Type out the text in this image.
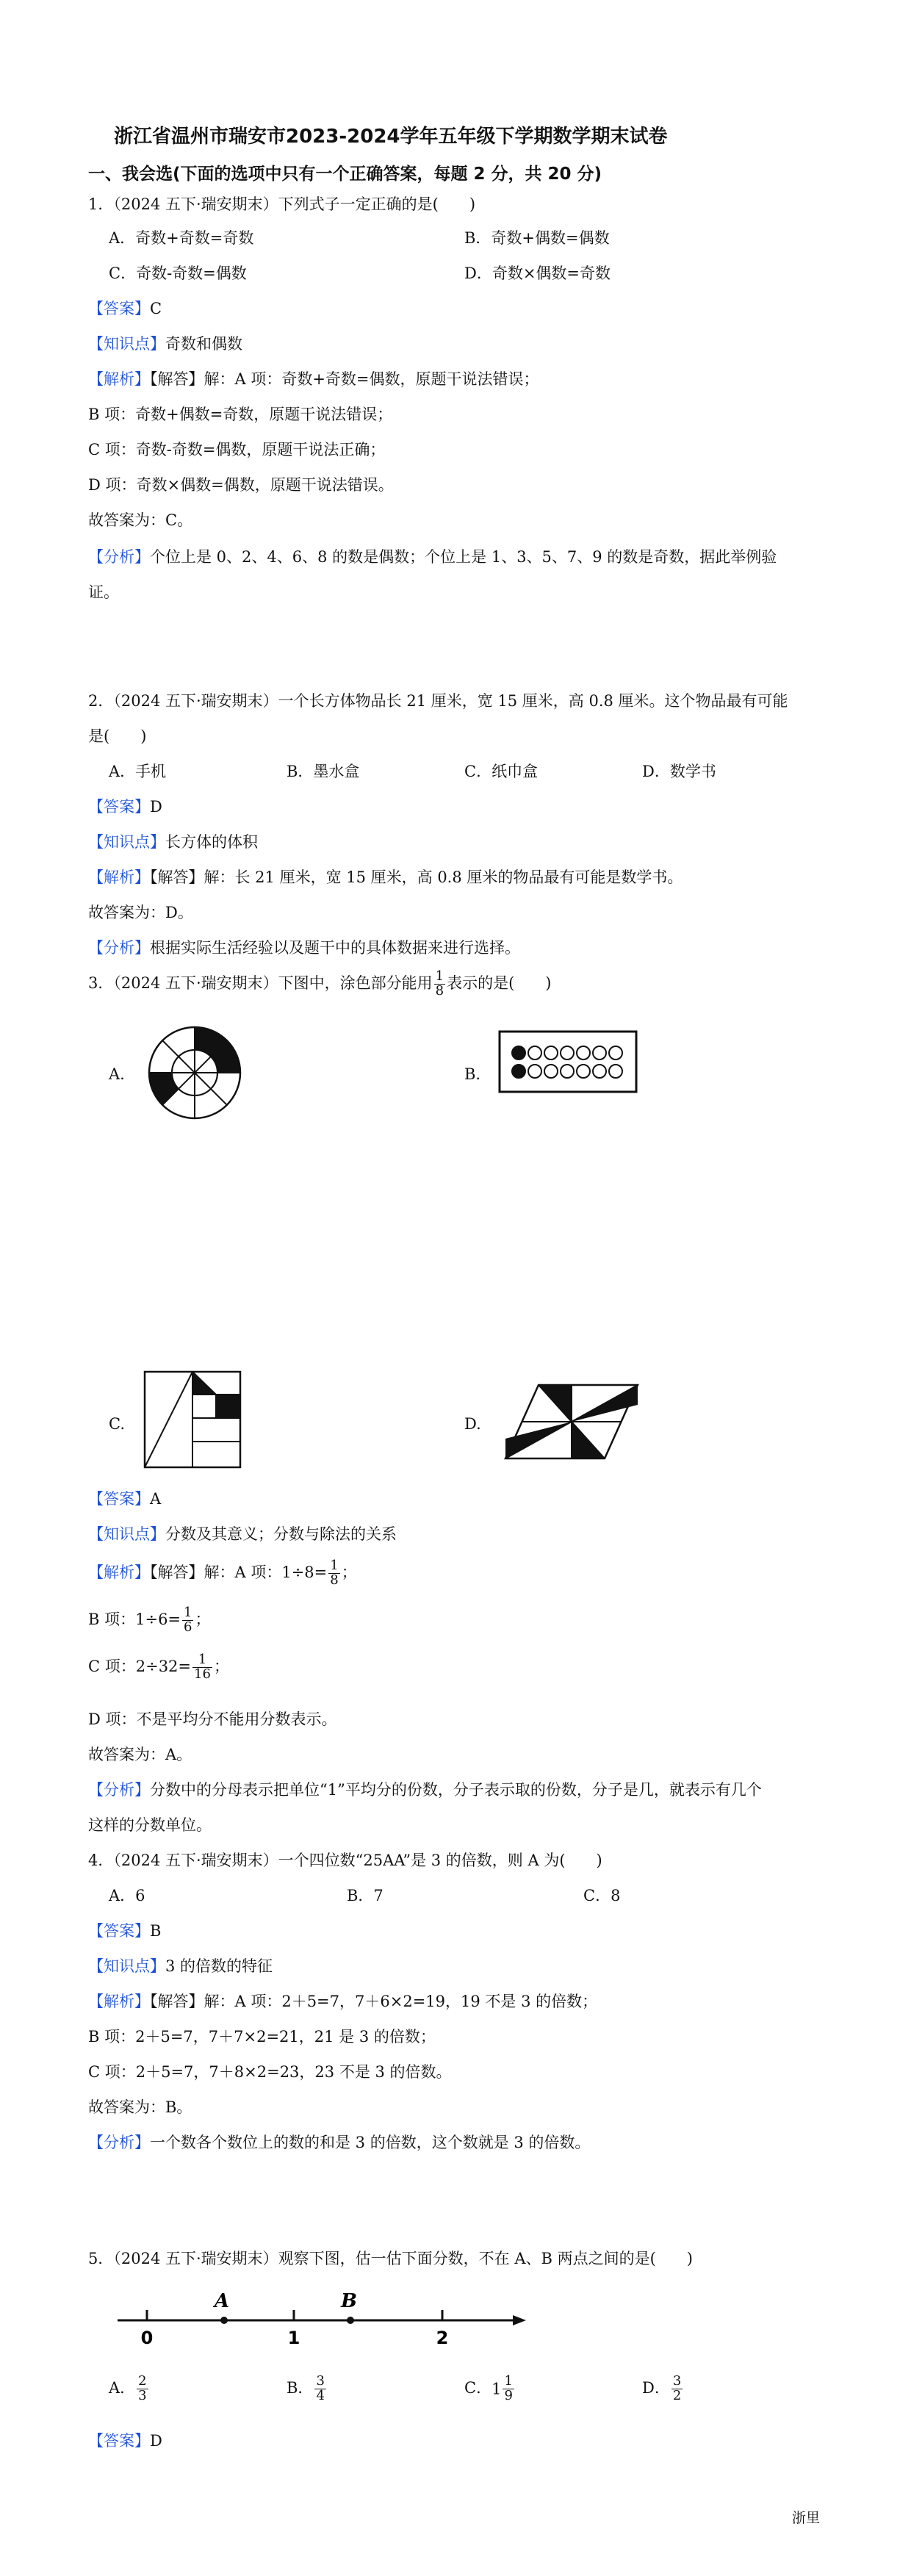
浙江省温州市瑞安市2023-2024学年五年级下学期数学期末试卷
一、我会选(下面的选项中只有一个正确答案，每题 2 分，共 20 分)
1．（2024 五下·瑞安期末）下列式子一定正确的是(　　)
A．奇数+奇数=奇数	B．奇数+偶数=偶数
C．奇数-奇数=偶数	D．奇数×偶数=奇数
【答案】C
【知识点】奇数和偶数
【解析】【解答】解：A 项：奇数+奇数=偶数，原题干说法错误；
B 项：奇数+偶数=奇数，原题干说法错误；
C 项：奇数-奇数=偶数，原题干说法正确；
D 项：奇数×偶数=偶数，原题干说法错误。
故答案为：C。
【分析】个位上是 0、2、4、6、8 的数是偶数；个位上是 1、3、5、7、9 的数是奇数，据此举例验
证。
2．（2024 五下·瑞安期末）一个长方体物品长 21 厘米，宽 15 厘米，高 0.8 厘米。这个物品最有可能
是(　　)
A．手机	B．墨水盒	C．纸巾盒	D．数学书
【答案】D
【知识点】长方体的体积
【解析】【解答】解：长 21 厘米，宽 15 厘米，高 0.8 厘米的物品最有可能是数学书。
故答案为：D。
【分析】根据实际生活经验以及题干中的具体数据来进行选择。
3．（2024 五下·瑞安期末）下图中，涂色部分能用 $\frac{1}{8}$ 表示的是(　　)
A.	B.
C.	D.
【答案】A
【知识点】分数及其意义；分数与除法的关系
【解析】【解答】解：A 项：$1\div 8= \frac{1}{8}$ ；
B 项：$1\div 6= \frac{1}{6}$ ；
C 项：$2\div 32= \frac{1}{16}$ ；
D 项：不是平均分不能用分数表示。
故答案为：A。
【分析】分数中的分母表示把单位“1”平均分的份数，分子表示取的份数，分子是几，就表示有几个
这样的分数单位。
4．（2024 五下·瑞安期末）一个四位数“25AA”是 3 的倍数，则 A 为(　　)
A．6	B．7	C．8
【答案】B
【知识点】3 的倍数的特征
【解析】【解答】解：A 项：2＋5=7，7＋6×2=19，19 不是 3 的倍数；
B 项：2＋5=7，7＋7×2=21，21 是 3 的倍数；
C 项：2＋5=7，7＋8×2=23，23 不是 3 的倍数。
故答案为：B。
【分析】一个数各个数位上的数的和是 3 的倍数，这个数就是 3 的倍数。
5．（2024 五下·瑞安期末）观察下图，估一估下面分数，不在 A、B 两点之间的是(　　)
0	1	2
A	B
A． $\frac{2}{3}$	B． $\frac{3}{4}$	C．$1 \frac{1}{9}$	D． $\frac{3}{2}$
【答案】D
浙里
